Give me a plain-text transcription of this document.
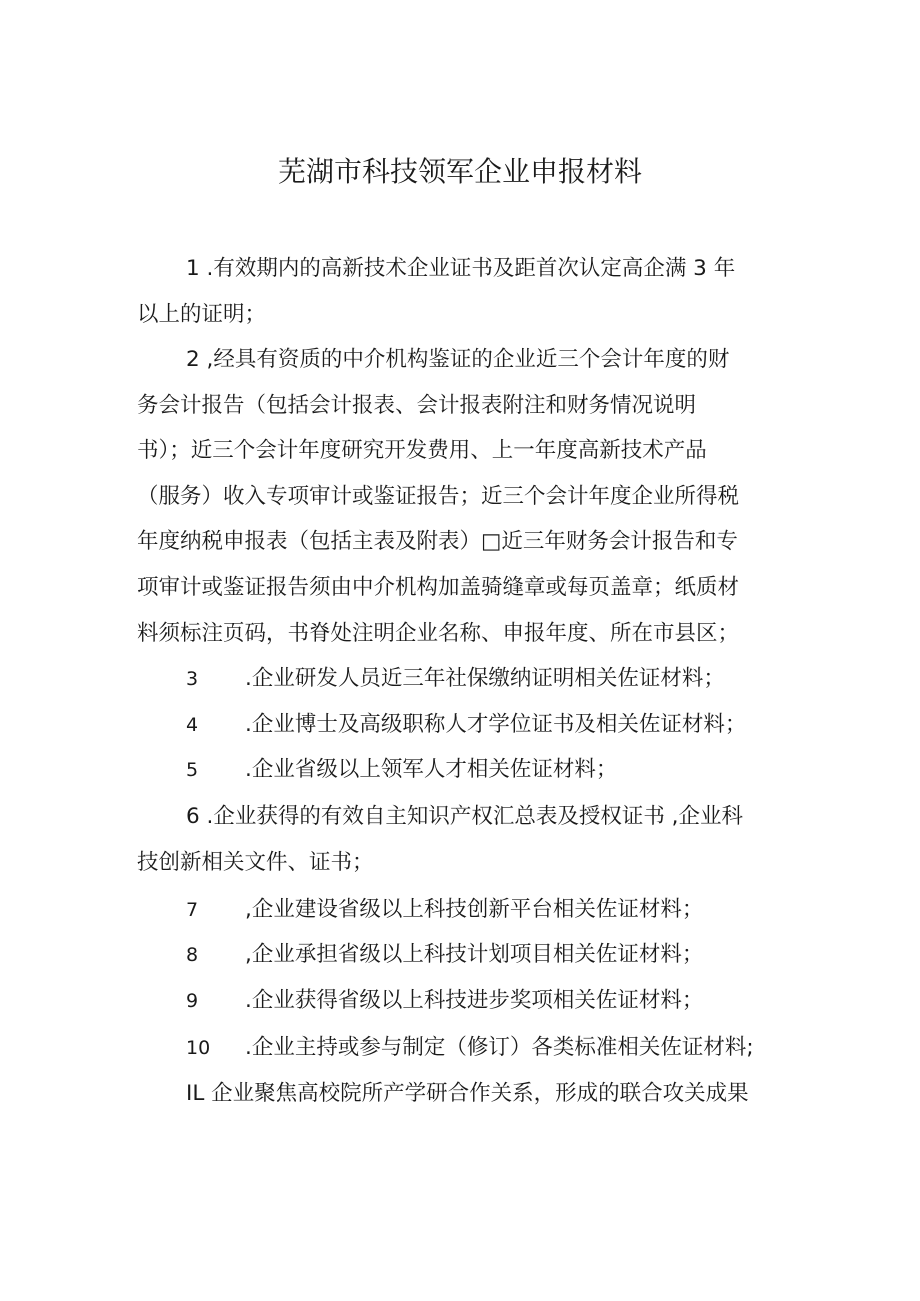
芜湖市科技领军企业申报材料
1 .有效期内的高新技术企业证书及距首次认定高企满 3 年
以上的证明；
2 ,经具有资质的中介机构鉴证的企业近三个会计年度的财
务会计报告（包括会计报表、会计报表附注和财务情况说明
书）；近三个会计年度研究开发费用、上一年度高新技术产品
（服务）收入专项审计或鉴证报告；近三个会计年度企业所得税
年度纳税申报表（包括主表及附表）□近三年财务会计报告和专
项审计或鉴证报告须由中介机构加盖骑缝章或每页盖章；纸质材
料须标注页码，书脊处注明企业名称、申报年度、所在市县区；
3 .企业研发人员近三年社保缴纳证明相关佐证材料；
4 .企业博士及高级职称人才学位证书及相关佐证材料；
5 .企业省级以上领军人才相关佐证材料；
6 .企业获得的有效自主知识产权汇总表及授权证书 ,企业科
技创新相关文件、证书；
7 ,企业建设省级以上科技创新平台相关佐证材料；
8 ,企业承担省级以上科技计划项目相关佐证材料；
9 .企业获得省级以上科技进步奖项相关佐证材料；
10 .企业主持或参与制定（修订）各类标准相关佐证材料;
IL 企业聚焦高校院所产学研合作关系，形成的联合攻关成果
